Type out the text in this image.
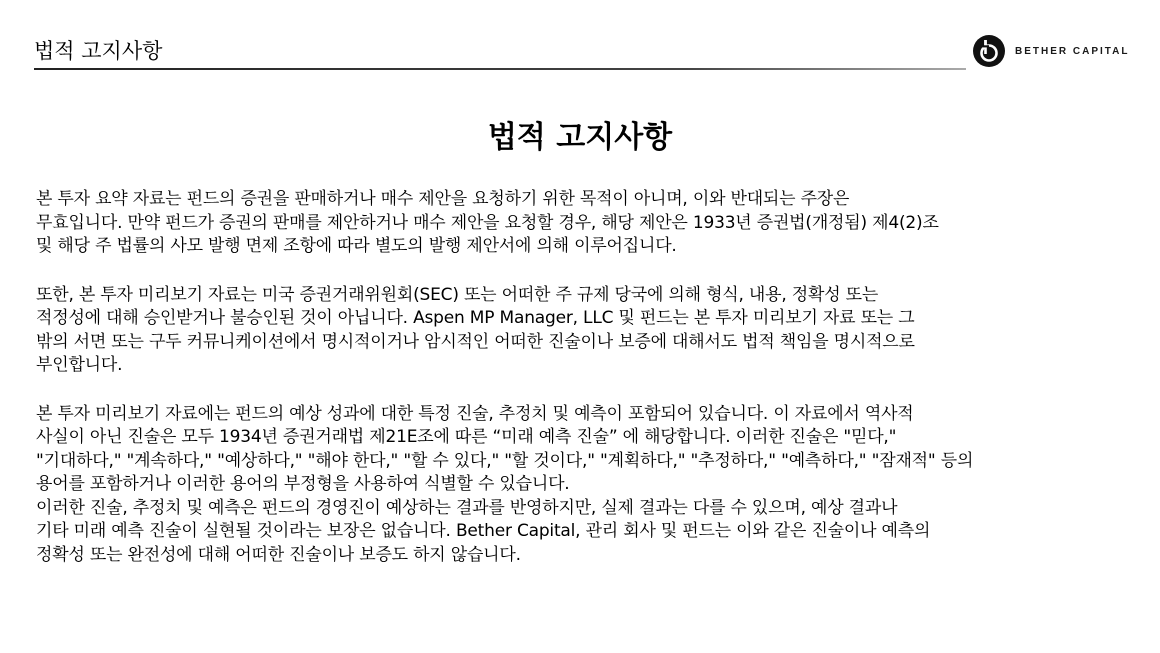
법적 고지사항	BETHER CAPITAL
법적 고지사항
본 투자 요약 자료는 펀드의 증권을 판매하거나 매수 제안을 요청하기 위한 목적이 아니며, 이와 반대되는 주장은
무효입니다. 만약 펀드가 증권의 판매를 제안하거나 매수 제안을 요청할 경우, 해당 제안은 1933년 증권법(개정됨) 제4(2)조
및 해당 주 법률의 사모 발행 면제 조항에 따라 별도의 발행 제안서에 의해 이루어집니다.
또한, 본 투자 미리보기 자료는 미국 증권거래위원회(SEC) 또는 어떠한 주 규제 당국에 의해 형식, 내용, 정확성 또는
적정성에 대해 승인받거나 불승인된 것이 아닙니다. Aspen MP Manager, LLC 및 펀드는 본 투자 미리보기 자료 또는 그
밖의 서면 또는 구두 커뮤니케이션에서 명시적이거나 암시적인 어떠한 진술이나 보증에 대해서도 법적 책임을 명시적으로
부인합니다.
본 투자 미리보기 자료에는 펀드의 예상 성과에 대한 특정 진술, 추정치 및 예측이 포함되어 있습니다. 이 자료에서 역사적
사실이 아닌 진술은 모두 1934년 증권거래법 제21E조에 따른 “미래 예측 진술” 에 해당합니다. 이러한 진술은 "믿다,"
"기대하다," "계속하다," "예상하다," "해야 한다," "할 수 있다," "할 것이다," "계획하다," "추정하다," "예측하다," "잠재적" 등의
용어를 포함하거나 이러한 용어의 부정형을 사용하여 식별할 수 있습니다.
이러한 진술, 추정치 및 예측은 펀드의 경영진이 예상하는 결과를 반영하지만, 실제 결과는 다를 수 있으며, 예상 결과나
기타 미래 예측 진술이 실현될 것이라는 보장은 없습니다. Bether Capital, 관리 회사 및 펀드는 이와 같은 진술이나 예측의
정확성 또는 완전성에 대해 어떠한 진술이나 보증도 하지 않습니다.
